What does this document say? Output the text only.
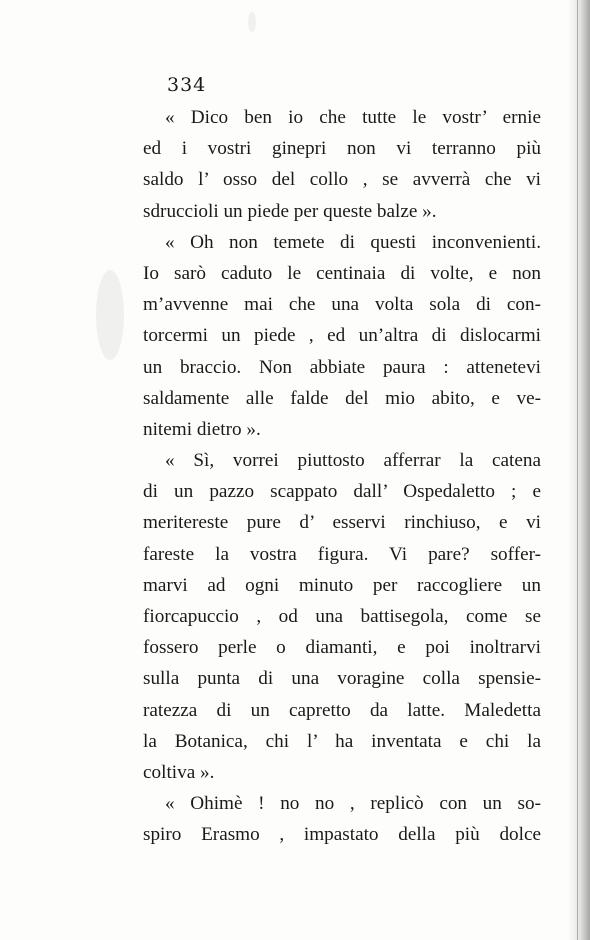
334
« Dico ben io che tutte le vostr’ ernie
ed i vostri ginepri non vi terranno più
saldo l’ osso del collo , se avverrà che vi
sdruccioli un piede per queste balze ».
« Oh non temete di questi inconvenienti.
Io sarò caduto le centinaia di volte, e non
m’avvenne mai che una volta sola di con-
torcermi un piede , ed un’altra di dislocarmi
un braccio. Non abbiate paura : attenetevi
saldamente alle falde del mio abito, e ve-
nitemi dietro ».
« Sì, vorrei piuttosto afferrar la catena
di un pazzo scappato dall’ Ospedaletto ; e
meritereste pure d’ esservi rinchiuso, e vi
fareste la vostra figura. Vi pare? soffer-
marvi ad ogni minuto per raccogliere un
fiorcapuccio , od una battisegola, come se
fossero perle o diamanti, e poi inoltrarvi
sulla punta di una voragine colla spensie-
ratezza di un capretto da latte. Maledetta
la Botanica, chi l’ ha inventata e chi la
coltiva ».
« Ohimè ! no no , replicò con un so-
spiro Erasmo , impastato della più dolce
